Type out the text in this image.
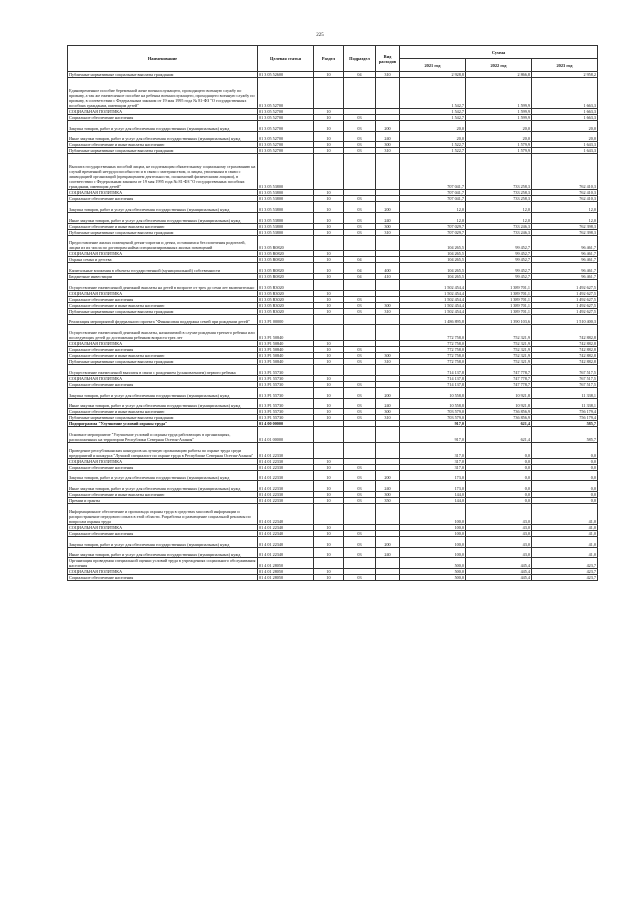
225
Наименование	Целевая статья	Раздел	Подраздел	Вид расходов	Сумма		
					2021 год	2022 год	2023 год
Публичные нормативные социальные выплаты гражданам	01 3 05 52600	10	04	310	2 928,8	2 866,8	2 958,2
Единовременное пособие беременной жене военнослужащего, проходящего военную службу по призыву, а так же ежемесячное пособие на ребенка военнослужащего, проходящего военную службу по призыву, в соответствии с Федеральным законом от 19 мая 1995 года № 81-ФЗ "О государственных пособиях гражданам, имеющим детей"	01 3 05 52700				1 542,7	1 599,9	1 663,3
СОЦИАЛЬНАЯ ПОЛИТИКА	01 3 05 52700	10			1 542,7	1 599,9	1 663,3
Социальное обеспечение населения	01 3 05 52700	10	03		1 542,7	1 599,9	1 663,3
Закупка товаров, работ и услуг для обеспечения государственных (муниципальных) нужд	01 3 05 52700	10	03	200	20,0	20,0	20,0
Иные закупки товаров, работ и услуг для обеспечения государственных (муниципальных) нужд	01 3 05 52700	10	03	240	20,0	20,0	20,0
Социальное обеспечение и иные выплаты населению	01 3 05 52700	10	03	300	1 522,7	1 579,9	1 643,3
Публичные нормативные социальные выплаты гражданам	01 3 05 52700	10	03	310	1 522,7	1 579,9	1 643,3
Выплата государственных пособий лицам, не подлежащим обязательному социальному страхованию на случай временной нетрудоспособности и в связи с материнством, и лицам, уволенным в связи с ликвидацией организаций (прекращением деятельности, полномочий физическими лицами), в соответствии с Федеральным законом от 19 мая 1995 года № 81-ФЗ "О государственных пособиях гражданам, имеющим детей"	01 3 05 53800				707 041,7	733 258,3	762 410,3
СОЦИАЛЬНАЯ ПОЛИТИКА	01 3 05 53800	10			707 041,7	733 258,3	762 410,3
Социальное обеспечение населения	01 3 05 53800	10	03		707 041,7	733 258,3	762 410,3
Закупка товаров, работ и услуг для обеспечения государственных (муниципальных) нужд	01 3 05 53800	10	03	200	12,0	12,0	12,0
Иные закупки товаров, работ и услуг для обеспечения государственных (муниципальных) нужд	01 3 05 53800	10	03	240	12,0	12,0	12,0
Социальное обеспечение и иные выплаты населению	01 3 05 53800	10	03	300	707 029,7	733 246,3	762 398,3
Публичные нормативные социальные выплаты гражданам	01 3 05 53800	10	03	310	707 029,7	733 246,3	762 398,3
Предоставление жилых помещений детям-сиротам и детям, оставшимся без попечения родителей, лицам из их числа по договорам найма специализированных жилых помещений	01 3 05 R0820				104 265,5	99 452,7	96 461,7
СОЦИАЛЬНАЯ ПОЛИТИКА	01 3 05 R0820	10			104 265,5	99 452,7	96 461,7
Охрана семьи и детства	01 3 05 R0820	10	04		104 265,5	99 452,7	96 461,7
Капитальные вложения в объекты государственной (муниципальной) собственности	01 3 05 R0820	10	04	400	104 265,5	99 452,7	96 461,7
Бюджетные инвестиции	01 3 05 R0820	10	04	410	104 265,5	99 452,7	96 461,7
Осуществление ежемесячной денежной выплаты на детей в возрасте от трех до семи лет включительно	01 3 05 R3020				1 502 454,4	1 389 701,1	1 492 627,5
СОЦИАЛЬНАЯ ПОЛИТИКА	01 3 05 R3020	10			1 502 454,4	1 389 701,1	1 492 627,5
Социальное обеспечение населения	01 3 05 R3020	10	03		1 502 454,4	1 389 701,1	1 492 627,5
Социальное обеспечение и иные выплаты населению	01 3 05 R3020	10	03	300	1 502 454,4	1 389 701,1	1 492 627,5
Публичные нормативные социальные выплаты гражданам	01 3 05 R3020	10	03	310	1 502 454,4	1 389 701,1	1 492 627,5
Реализация мероприятий федерального проекта "Финансовая поддержка семей при рождении детей"	01 3 P1 00000				1 486 895,8	1 390 103,6	1 510 400,3
Осуществление ежемесячной денежной выплаты, назначаемой в случае рождения третьего ребенка или последующих детей до достижения ребенком возраста трех лет	01 3 P1 50840				772 758,0	752 321,9	742 882,8
СОЦИАЛЬНАЯ ПОЛИТИКА	01 3 P1 50840	10			772 758,0	752 321,9	742 882,8
Социальное обеспечение населения	01 3 P1 50840	10	03		772 758,0	752 321,9	742 882,8
Социальное обеспечение и иные выплаты населению	01 3 P1 50840	10	03	300	772 758,0	752 321,9	742 882,8
Публичные нормативные социальные выплаты гражданам	01 3 P1 50840	10	03	310	772 758,0	752 321,9	742 882,8
Осуществление ежемесячной выплаты в связи с рождением (усыновлением) первого ребенка	01 3 P1 55730				714 137,8	747 778,7	767 517,5
СОЦИАЛЬНАЯ ПОЛИТИКА	01 3 P1 55730	10			714 137,8	747 778,7	767 517,5
Социальное обеспечение населения	01 3 P1 55730	10	03		714 137,8	747 778,7	767 517,5
Закупка товаров, работ и услуг для обеспечения государственных (муниципальных) нужд	01 3 P1 55730	10	03	200	10 558,8	10 921,8	11 338,1
Иные закупки товаров, работ и услуг для обеспечения государственных (муниципальных) нужд	01 3 P1 55730	10	03	240	10 558,8	10 921,8	11 338,1
Социальное обеспечение и иные выплаты населению	01 3 P1 55730	10	03	300	703 579,0	736 856,9	756 179,4
Публичные нормативные социальные выплаты гражданам	01 3 P1 55730	10	03	310	703 579,0	736 856,9	756 179,4
Подпрограмма "Улучшение условий охраны труда"	01 4 00 00000				917,0	621,4	585,7
Основное мероприятие "Улучшение условий и охраны труда работающих в организациях, расположенных на территории Республики Северная Осетия-Алания"	01 4 01 00000				917,0	621,4	585,7
Проведение республиканских конкурсов на лучшую организацию работы по охране труда среди предприятий и конкурса "Лучший специалист по охране труда в Республике Северная Осетия-Алания"	01 4 01 22330				317,0	0,0	0,0
СОЦИАЛЬНАЯ ПОЛИТИКА	01 4 01 22330	10			317,0	0,0	0,0
Социальное обеспечение населения	01 4 01 22330	10	03		317,0	0,0	0,0
Закупка товаров, работ и услуг для обеспечения государственных (муниципальных) нужд	01 4 01 22330	10	03	200	173,0	0,0	0,0
Иные закупки товаров, работ и услуг для обеспечения государственных (муниципальных) нужд	01 4 01 22330	10	03	240	173,0	0,0	0,0
Социальное обеспечение и иные выплаты населению	01 4 01 22330	10	03	300	144,0	0,0	0,0
Премии и гранты	01 4 01 22330	10	03	350	144,0	0,0	0,0
Информационное обеспечение и пропаганда охраны труда в средствах массовой информации и распространение передового опыта в этой области. Разработка и размещение социальной рекламы по вопросам охраны труда	01 4 01 22340				100,0	43,0	41,0
СОЦИАЛЬНАЯ ПОЛИТИКА	01 4 01 22340	10			100,0	43,0	41,0
Социальное обеспечение населения	01 4 01 22340	10	03		100,0	43,0	41,0
Закупка товаров, работ и услуг для обеспечения государственных (муниципальных) нужд	01 4 01 22340	10	03	200	100,0	43,0	41,0
Иные закупки товаров, работ и услуг для обеспечения государственных (муниципальных) нужд	01 4 01 22340	10	03	240	100,0	43,0	41,0
Организация проведения специальной оценки условий труда в учреждениях социального обслуживания населения	01 4 01 28050				500,0	445,4	423,7
СОЦИАЛЬНАЯ ПОЛИТИКА	01 4 01 28050	10			500,0	445,4	423,7
Социальное обеспечение населения	01 4 01 28050	10	03		500,0	445,4	423,7
